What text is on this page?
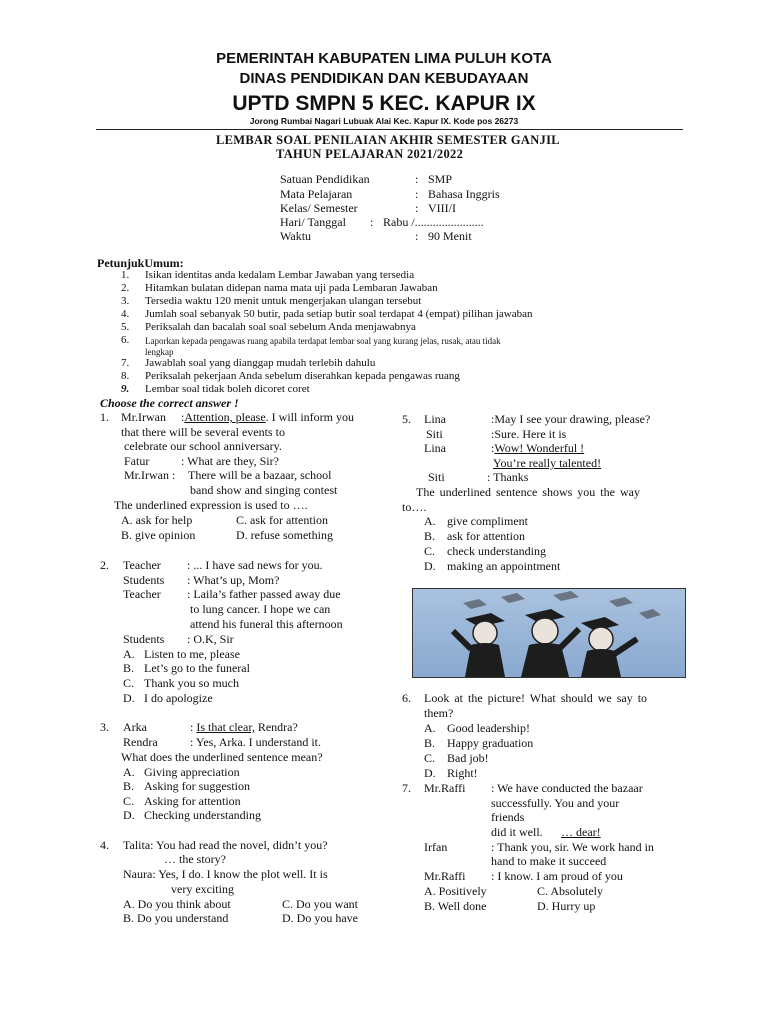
PEMERINTAH KABUPATEN LIMA PULUH KOTA
DINAS PENDIDIKAN DAN KEBUDAYAAN
UPTD SMPN 5 KEC. KAPUR IX
Jorong Rumbai Nagari Lubuak Alai Kec. Kapur IX. Kode pos 26273
LEMBAR SOAL PENILAIAN AKHIR SEMESTER GANJIL
TAHUN PELAJARAN 2021/2022
Satuan Pendidikan	: SMP
Mata Pelajaran	: Bahasa Inggris
Kelas/ Semester	: VIII/I
Hari/ Tanggal : Rabu /.......................
Waktu	: 90 Menit
PetunjukUmum:
1. Isikan identitas anda kedalam Lembar Jawaban yang tersedia
2. Hitamkan bulatan didepan nama mata uji pada Lembaran Jawaban
3. Tersedia waktu 120 menit untuk mengerjakan ulangan tersebut
4. Jumlah soal sebanyak 50 butir, pada setiap butir soal terdapat 4 (empat) pilihan jawaban
5. Periksalah dan bacalah soal soal sebelum Anda menjawabnya
6. Laporkan kepada pengawas ruang apabila terdapat lembar soal yang kurang jelas, rusak, atau tidak
lengkap
7. Jawablah soal yang dianggap mudah terlebih dahulu
8. Periksalah pekerjaan Anda sebelum diserahkan kepada pengawas ruang
9. Lembar soal tidak boleh dicoret coret
Choose the correct answer !
1. Mr.Irwan :Attention, please. I will inform you
that there will be several events to
celebrate our school anniversary.
Fatur	: What are they, Sir?
Mr.Irwan : There will be a bazaar, school
band show and singing contest
The underlined expression is used to ….
A. ask for help	C. ask for attention
B. give opinion	D. refuse something
2. Teacher : ... I have sad news for you.
Students : What’s up, Mom?
Teacher : Laila’s father passed away due
to lung cancer. I hope we can
attend his funeral this afternoon
Students : O.K, Sir
A. Listen to me, please
B. Let’s go to the funeral
C. Thank you so much
D. I do apologize
3. Arka	: Is that clear, Rendra?
Rendra	: Yes, Arka. I understand it.
What does the underlined sentence mean?
A. Giving appreciation
B. Asking for suggestion
C. Asking for attention
D. Checking understanding
4. Talita: You had read the novel, didn’t you?
… the story?
Naura: Yes, I do. I know the plot well. It is
very exciting
A. Do you think about	C. Do you want
B. Do you understand	D. Do you have
5. Lina	:May I see your drawing, please?
Siti	:Sure. Here it is
Lina	:Wow! Wonderful !
You’re really talented!
Siti	: Thanks
The underlined sentence shows you the way
to….
A. give compliment
B. ask for attention
C. check understanding
D. making an appointment
6. Look at the picture! What should we say to
them?
A. Good leadership!
B. Happy graduation
C. Bad job!
D. Right!
7. Mr.Raffi : We have conducted the bazaar
successfully. You and your
friends
did it well. … dear!
Irfan	: Thank you, sir. We work hand in
hand to make it succeed
Mr.Raffi : I know. I am proud of you
A. Positively	C. Absolutely
B. Well done	D. Hurry up
